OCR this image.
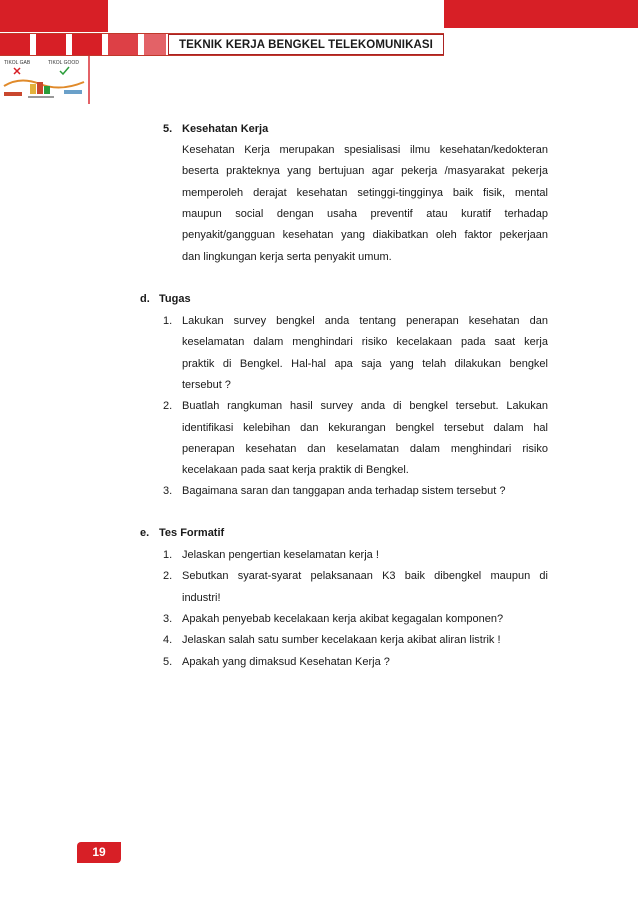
TEKNIK KERJA BENGKEL TELEKOMUNIKASI
TIKOL GAB	TIKOL GOOD
5. Kesehatan Kerja
Kesehatan Kerja merupakan spesialisasi ilmu kesehatan/kedokteran
beserta prakteknya yang bertujuan agar pekerja /masyarakat pekerja
memperoleh derajat kesehatan setinggi-tingginya baik fisik, mental
maupun social dengan usaha preventif atau kuratif terhadap
penyakit/gangguan kesehatan yang diakibatkan oleh faktor pekerjaan
dan lingkungan kerja serta penyakit umum.
d. Tugas
1. Lakukan survey bengkel anda tentang penerapan kesehatan dan
keselamatan dalam menghindari risiko kecelakaan pada saat kerja
praktik di Bengkel. Hal-hal apa saja yang telah dilakukan bengkel
tersebut ?
2. Buatlah rangkuman hasil survey anda di bengkel tersebut. Lakukan
identifikasi kelebihan dan kekurangan bengkel tersebut dalam hal
penerapan kesehatan dan keselamatan dalam menghindari risiko
kecelakaan pada saat kerja praktik di Bengkel.
3. Bagaimana saran dan tanggapan anda terhadap sistem tersebut ?
e. Tes Formatif
1. Jelaskan pengertian keselamatan kerja !
2. Sebutkan syarat-syarat pelaksanaan K3 baik dibengkel maupun di
industri!
3. Apakah penyebab kecelakaan kerja akibat kegagalan komponen?
4. Jelaskan salah satu sumber kecelakaan kerja akibat aliran listrik !
5. Apakah yang dimaksud Kesehatan Kerja ?
19
